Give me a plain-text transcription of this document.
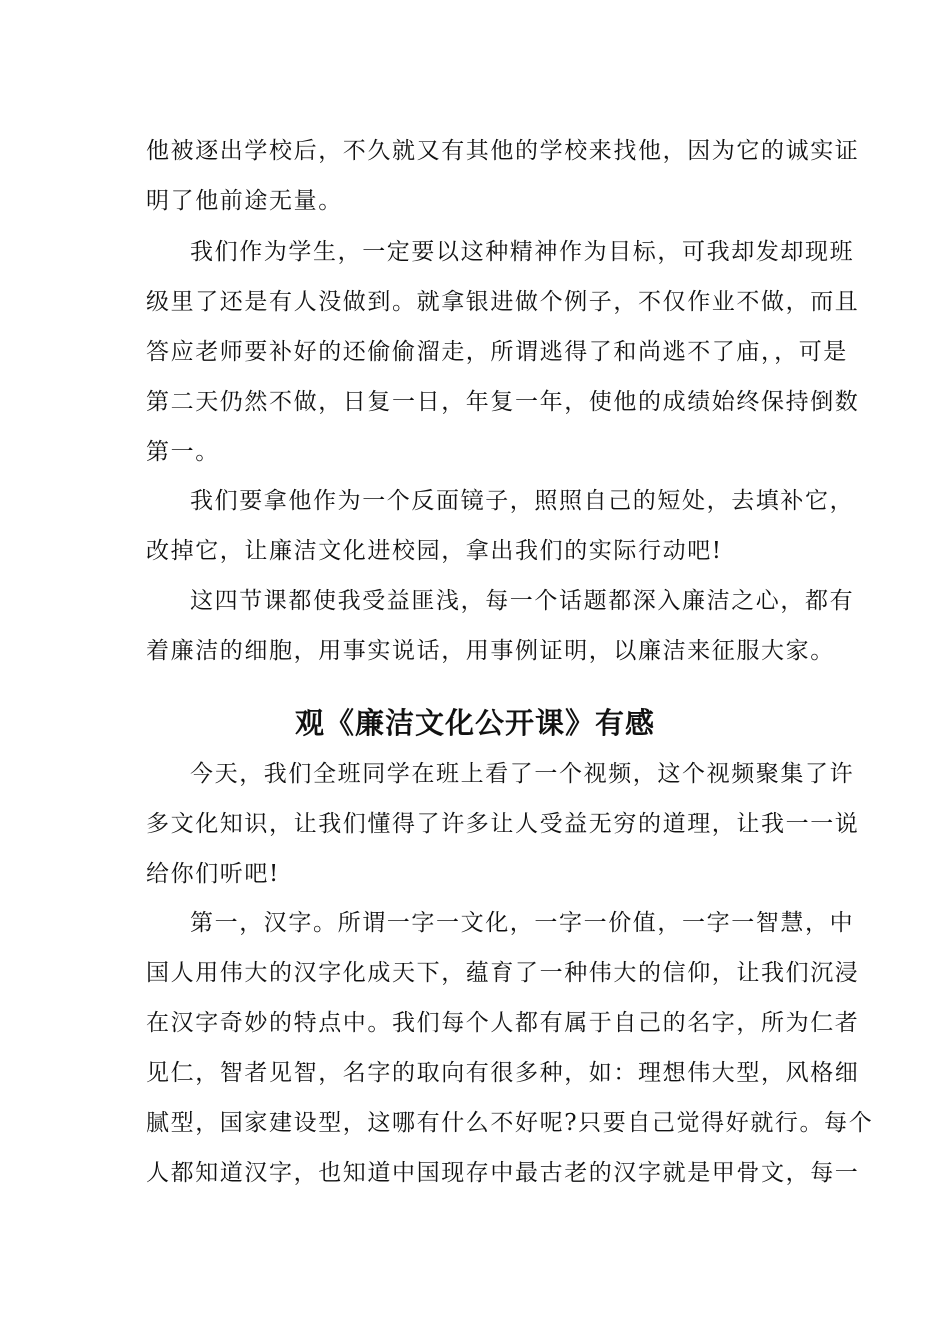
他被逐出学校后，不久就又有其他的学校来找他，因为它的诚实证
明了他前途无量。
我们作为学生，一定要以这种精神作为目标，可我却发却现班
级里了还是有人没做到。就拿银进做个例子，不仅作业不做，而且
答应老师要补好的还偷偷溜走，所谓逃得了和尚逃不了庙，，可是
第二天仍然不做，日复一日，年复一年，使他的成绩始终保持倒数
第一。
我们要拿他作为一个反面镜子，照照自己的短处，去填补它，
改掉它，让廉洁文化进校园，拿出我们的实际行动吧!
这四节课都使我受益匪浅，每一个话题都深入廉洁之心，都有
着廉洁的细胞，用事实说话，用事例证明，以廉洁来征服大家。
观《廉洁文化公开课》有感
今天，我们全班同学在班上看了一个视频，这个视频聚集了许
多文化知识，让我们懂得了许多让人受益无穷的道理，让我一一说
给你们听吧!
第一，汉字。所谓一字一文化，一字一价值，一字一智慧，中
国人用伟大的汉字化成天下，蕴育了一种伟大的信仰，让我们沉浸
在汉字奇妙的特点中。我们每个人都有属于自己的名字，所为仁者
见仁，智者见智，名字的取向有很多种，如：理想伟大型，风格细
腻型，国家建设型，这哪有什么不好呢?只要自己觉得好就行。每个
人都知道汉字，也知道中国现存中最古老的汉字就是甲骨文，每一
